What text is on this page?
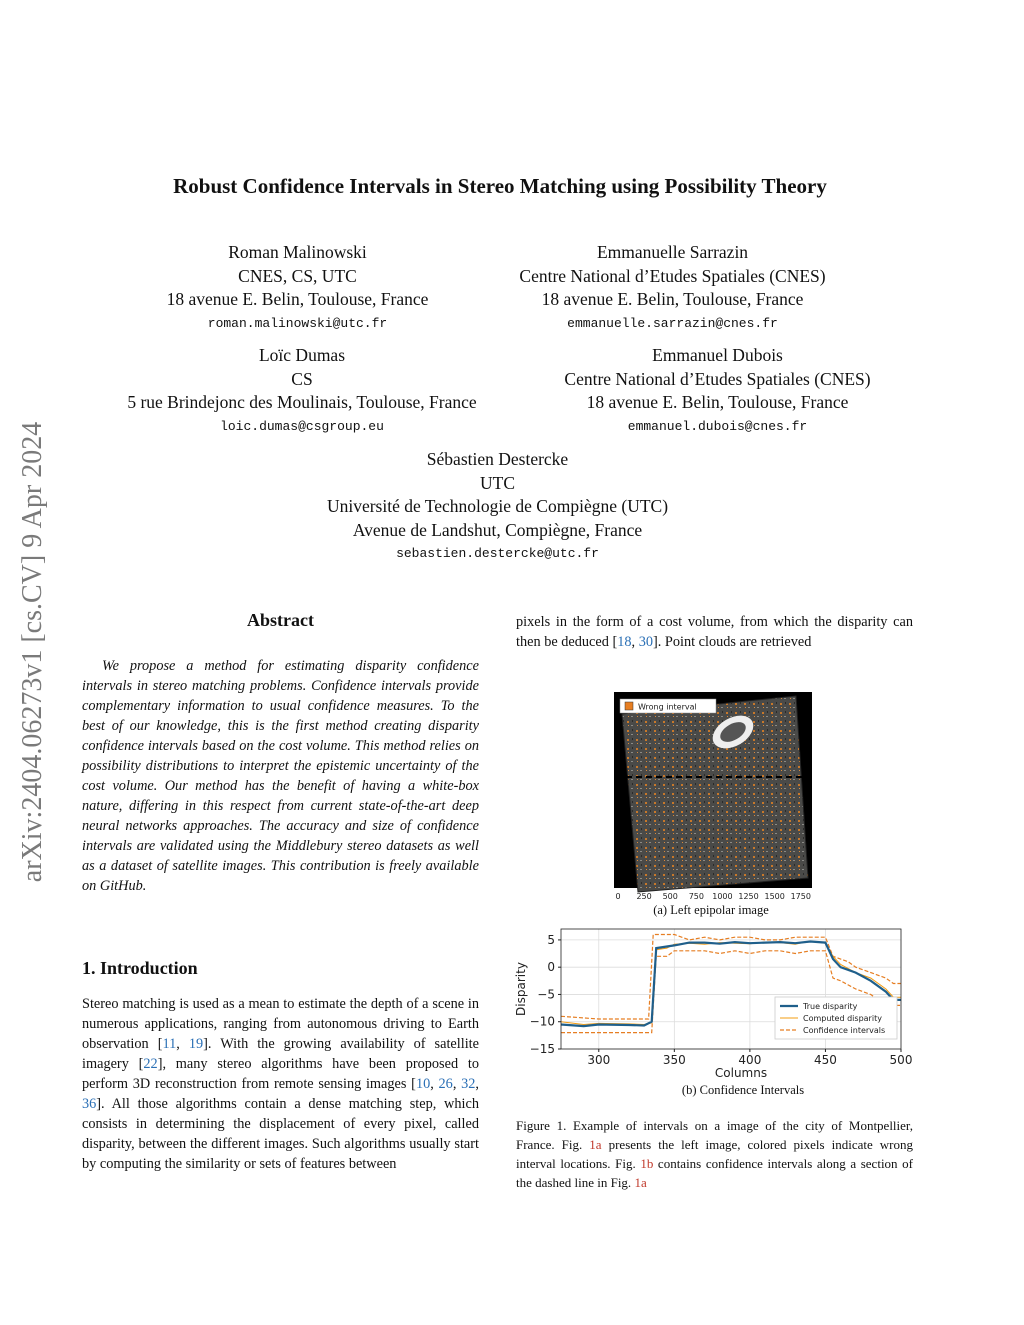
arXiv:2404.06273v1 [cs.CV] 9 Apr 2024
Robust Confidence Intervals in Stereo Matching using Possibility Theory
Roman Malinowski
CNES, CS, UTC
18 avenue E. Belin, Toulouse, France
roman.malinowski@utc.fr
Emmanuelle Sarrazin
Centre National d’Etudes Spatiales (CNES)
18 avenue E. Belin, Toulouse, France
emmanuelle.sarrazin@cnes.fr
Loïc Dumas
CS
5 rue Brindejonc des Moulinais, Toulouse, France
loic.dumas@csgroup.eu
Emmanuel Dubois
Centre National d’Etudes Spatiales (CNES)
18 avenue E. Belin, Toulouse, France
emmanuel.dubois@cnes.fr
Sébastien Destercke
UTC
Université de Technologie de Compiègne (UTC)
Avenue de Landshut, Compiègne, France
sebastien.destercke@utc.fr
Abstract
We propose a method for estimating disparity confidence intervals in stereo matching problems. Confidence intervals provide complementary information to usual confidence measures. To the best of our knowledge, this is the first method creating disparity confidence intervals based on the cost volume. This method relies on possibility distributions to interpret the epistemic uncertainty of the cost volume. Our method has the benefit of having a white-box nature, differing in this respect from current state-of-the-art deep neural networks approaches. The accuracy and size of confidence intervals are validated using the Middlebury stereo datasets as well as a dataset of satellite images. This contribution is freely available on GitHub.
1. Introduction
Stereo matching is used as a mean to estimate the depth of a scene in numerous applications, ranging from autonomous driving to Earth observation [11, 19]. With the growing availability of satellite imagery [22], many stereo algorithms have been proposed to perform 3D reconstruction from remote sensing images [10, 26, 32, 36]. All those algorithms contain a dense matching step, which consists in determining the displacement of every pixel, called disparity, between the different images. Such algorithms usually start by computing the similarity or sets of features between
pixels in the form of a cost volume, from which the disparity can then be deduced [18, 30]. Point clouds are retrieved
Wrong interval
0 250 500 750 1000 1250 1500 1750
(a) Left epipolar image
300	350	400	450	500
5
0
−5
−10
−15
Columns
Disparity	True disparity
Computed disparity
Confidence intervals
(b) Confidence Intervals
Figure 1. Example of intervals on a image of the city of Montpellier, France. Fig. 1a presents the left image, colored pixels indicate wrong interval locations. Fig. 1b contains confidence intervals along a section of the dashed line in Fig. 1a
